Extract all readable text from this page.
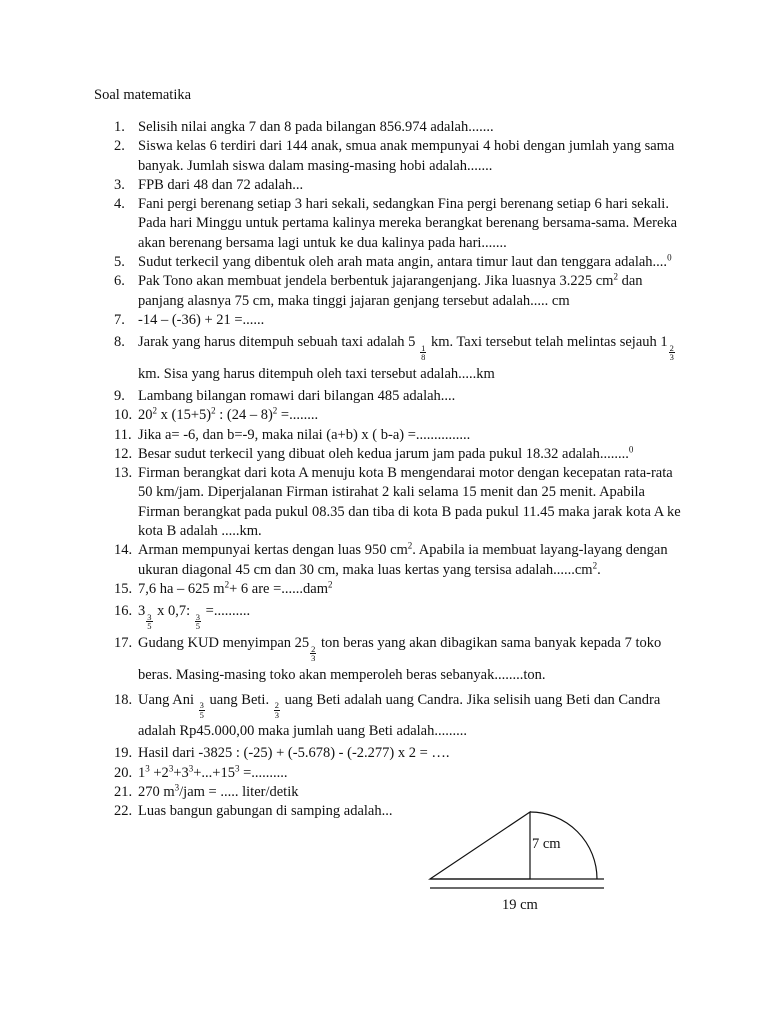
Soal matematika
1. Selisih nilai angka 7 dan 8 pada bilangan 856.974 adalah.......
2. Siswa kelas 6 terdiri dari 144 anak, smua anak mempunyai 4 hobi dengan jumlah yang sama banyak. Jumlah siswa dalam masing-masing hobi adalah.......
3. FPB dari 48 dan 72 adalah...
4. Fani pergi berenang setiap 3 hari sekali, sedangkan Fina pergi berenang setiap 6 hari sekali. Pada hari Minggu untuk pertama kalinya mereka berangkat berenang bersama-sama. Mereka akan berenang bersama lagi untuk ke dua kalinya pada hari.......
5. Sudut terkecil yang dibentuk oleh arah mata angin, antara timur laut dan tenggara adalah....$^0$
6. Pak Tono akan membuat jendela berbentuk jajarangenjang. Jika luasnya 3.225 $cm^2$ dan panjang alasnya 75 cm, maka tinggi jajaran genjang tersebut adalah..... cm
7. -14 – (-36) + 21 =......
8. Jarak yang harus ditempuh sebuah taxi adalah 5
$\frac{1}{8}$
km. Taxi tersebut telah melintas sejauh 1
$\frac{2}{3}$
km. Sisa yang harus ditempuh oleh taxi tersebut adalah.....km
9. Lambang bilangan romawi dari bilangan 485 adalah....
10. $20^2$ x $(15+5)^2$ : (24 – 8)$^2$ =........
11. Jika a= -6, dan b=-9, maka nilai (a+b) x ( b-a) =...............
12. Besar sudut terkecil yang dibuat oleh kedua jarum jam pada pukul 18.32 adalah........$^0$
13. Firman berangkat dari kota A menuju kota B mengendarai motor dengan kecepatan rata-rata 50 km/jam. Diperjalanan Firman istirahat 2 kali selama 15 menit dan 25 menit. Apabila Firman berangkat pada pukul 08.35 dan tiba di kota B pada pukul 11.45 maka jarak kota A ke kota B adalah .....km.
14. Arman mempunyai kertas dengan luas 950 $cm^2$. Apabila ia membuat layang-layang dengan ukuran diagonal 45 cm dan 30 cm, maka luas kertas yang tersisa $adalah......cm^2$.
15. 7,6 ha – 625 $m^2+ 6$ are =......dam$^2$
16. 3
$\frac{3}{5}$
x 0,7:
$\frac{3}{5}$
=..........
17. Gudang KUD menyimpan 25
$\frac{2}{3}$
ton beras yang akan dibagikan sama banyak kepada 7 toko beras. Masing-masing toko akan memperoleh beras sebanyak........ton.
18. Uang Ani
$\frac{3}{5}$
uang Beti.
$\frac{2}{3}$
uang Beti adalah uang Candra. Jika selisih uang Beti dan Candra adalah Rp45.000,00 maka jumlah uang Beti adalah.........
19. Hasil dari -3825 : (-25) + (-5.678) - (-2.277) x 2 = ….
20. $1^3 +2^3+3^3+...+15^3$ =..........
21. 270 $m^3$/jam = ..... liter/detik
22. Luas bangun gabungan di samping adalah...
7 cm
19 cm
